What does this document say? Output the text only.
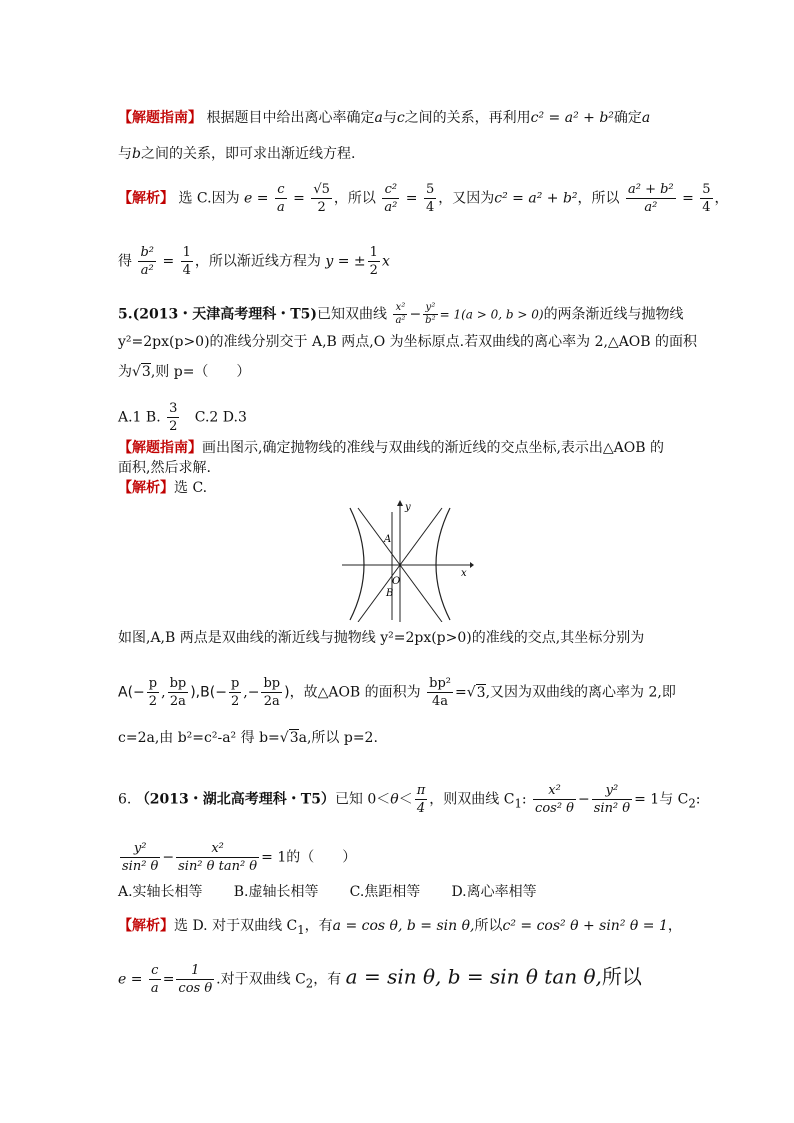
【解题指南】 根据题目中给出离心率确定a与c之间的关系，再利用c² = a² + b²确定a
与b之间的关系，即可求出渐近线方程.
【解析】 选 C.因为 $e = \frac{c}{a} = \frac{√5}{2}$ ，所以 $\frac{\text{c²}}{\text{a²}} = \frac{5}{4}$ ，又因为c² = a² + b²，所以 $\frac{\text{a² + b²}}{\text{a²}} = \frac{5}{4}$ ，
得 $\frac{\text{b²}}{\text{a²}} = \frac{1}{4}$ ，所以渐近线方程为 y = ± $\frac{1}{2}$ x
5.(2013・天津高考理科・T5)已知双曲线 $\frac{\text{x²}}{\text{a²}} - \frac{\text{y²}}{\text{b²}} = 1(a > 0$, b > 0)的两条渐近线与抛物线
y²=2px(p>0)的准线分别交于 A,B 两点,O 为坐标原点.若双曲线的离心率为 2,△AOB 的面积
为√3,则 p=（　　）
A.1 B. $\frac{3}{2} C.2$ D.3
【解题指南】画出图示,确定抛物线的准线与双曲线的渐近线的交点坐标,表示出△AOB 的
面积,然后求解.
【解析】选 C.
y
x
A
O
B
如图,A,B 两点是双曲线的渐近线与抛物线 y²=2px(p>0)的准线的交点,其坐标分别为
$A(- \frac{p}{2}$ , $\frac{bp}{2a} ),B(- \frac{p}{2}$ ,− $\frac{bp}{2a}$ )，故△AOB 的面积为 $\frac{\text{bp²}}{4a} =√3$,又因为双曲线的离心率为 2,即
c=2a,由 b²=c²-a² 得 b=√3a,所以 p=2.
6. （2013・湖北高考理科・T5）已知 $0<\theta< \frac{\pi}{4}$ ，则双曲线 $C_1$: $\frac{\text{x²}}{\text{cos² θ}} - \frac{\text{y²}}{\text{sin² θ}} = 1$与 $C_2$:
$\frac{\text{y²}}{\text{sin² θ}} - \frac{\text{x²}}{\text{sin² θ tan² θ}} = 1$的（　　）
A.实轴长相等 B.虚轴长相等 C.焦距相等 D.离心率相等
【解析】选 D. 对于双曲线 $C_1$，有a = cos θ, b = sin θ,所以c² = cos² θ + sin² θ = 1，
$e = \frac{c}{a} = \frac{1}{\text{cos θ}}$ .对于双曲线 $C_2$，有 a = sin θ, b = sin θ tan θ,所以
